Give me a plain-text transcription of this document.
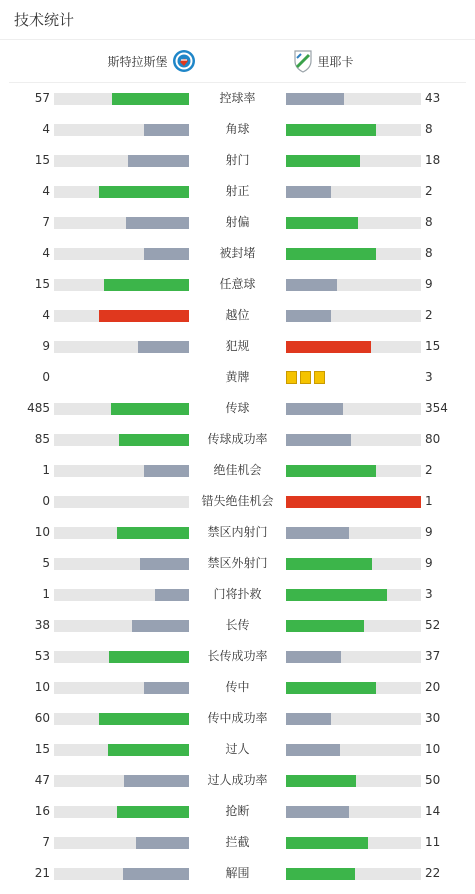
技术统计
斯特拉斯堡	里耶卡
57	控球率	43
4	角球	8
15	射门	18
4	射正	2
7	射偏	8
4	被封堵	8
15	任意球	9
4	越位	2
9	犯规	15
0	黄牌	3
485	传球	354
85	传球成功率	80
1	绝佳机会	2
0	错失绝佳机会	1
10	禁区内射门	9
5	禁区外射门	9
1	门将扑救	3
38	长传	52
53	长传成功率	37
10	传中	20
60	传中成功率	30
15	过人	10
47	过人成功率	50
16	抢断	14
7	拦截	11
21	解围	22
